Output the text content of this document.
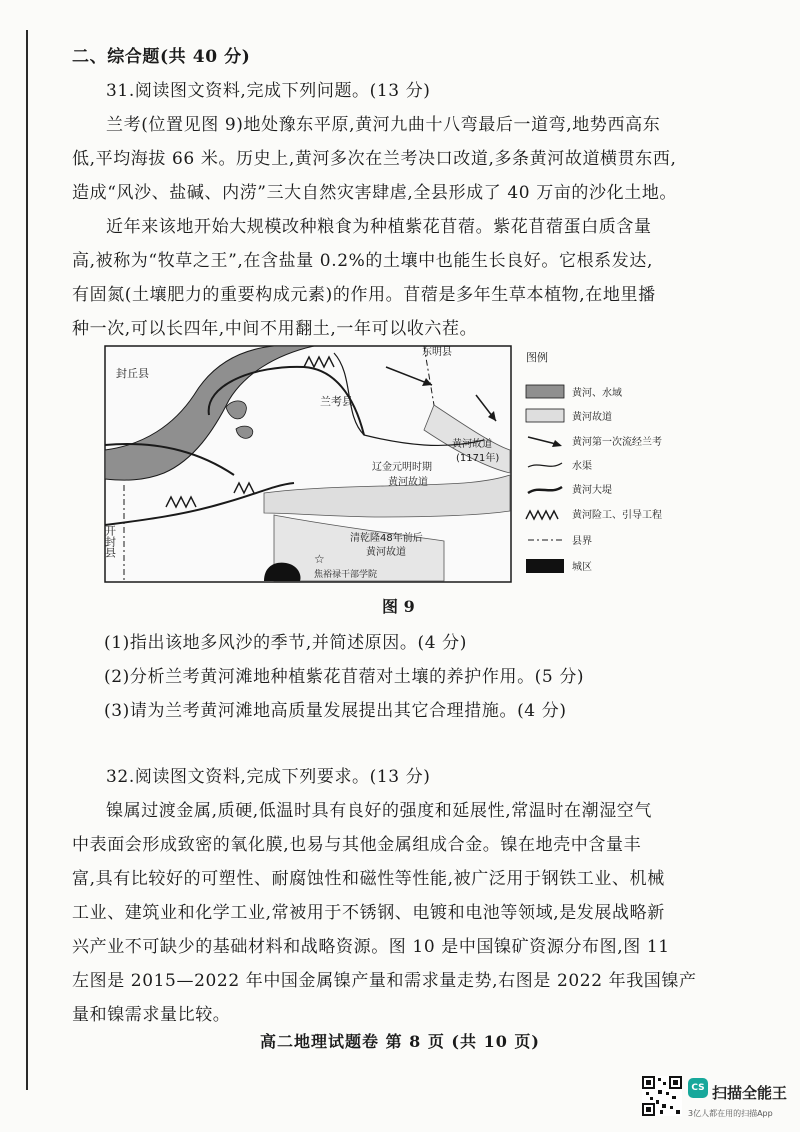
二、综合题(共 40 分)
31.阅读图文资料,完成下列问题。(13 分)
兰考(位置见图 9)地处豫东平原,黄河九曲十八弯最后一道弯,地势西高东
低,平均海拔 66 米。历史上,黄河多次在兰考决口改道,多条黄河故道横贯东西,
造成“风沙、盐碱、内涝”三大自然灾害肆虐,全县形成了 40 万亩的沙化土地。
近年来该地开始大规模改种粮食为种植紫花苜蓿。紫花苜蓿蛋白质含量
高,被称为“牧草之王”,在含盐量 0.2%的土壤中也能生长良好。它根系发达,
有固氮(土壤肥力的重要构成元素)的作用。苜蓿是多年生草本植物,在地里播
种一次,可以长四年,中间不用翻土,一年可以收六茬。
☆
封丘县
东明县
兰考县
开封县
黄河故道
(1171年)
辽金元明时期
黄河故道
清乾隆48年前后
黄河故道
焦裕禄干部学院
图例
黄河、水域
黄河故道
黄河第一次流经兰考
水渠
黄河大堤
黄河险工、引导工程
县界
城区
图 9
(1)指出该地多风沙的季节,并简述原因。(4 分)
(2)分析兰考黄河滩地种植紫花苜蓿对土壤的养护作用。(5 分)
(3)请为兰考黄河滩地高质量发展提出其它合理措施。(4 分)
32.阅读图文资料,完成下列要求。(13 分)
镍属过渡金属,质硬,低温时具有良好的强度和延展性,常温时在潮湿空气
中表面会形成致密的氧化膜,也易与其他金属组成合金。镍在地壳中含量丰
富,具有比较好的可塑性、耐腐蚀性和磁性等性能,被广泛用于钢铁工业、机械
工业、建筑业和化学工业,常被用于不锈钢、电镀和电池等领域,是发展战略新
兴产业不可缺少的基础材料和战略资源。图 10 是中国镍矿资源分布图,图 11
左图是 2015—2022 年中国金属镍产量和需求量走势,右图是 2022 年我国镍产
量和镍需求量比较。
高二地理试题卷 第 8 页 (共 10 页)
CS 扫描全能王
3亿人都在用的扫描App
